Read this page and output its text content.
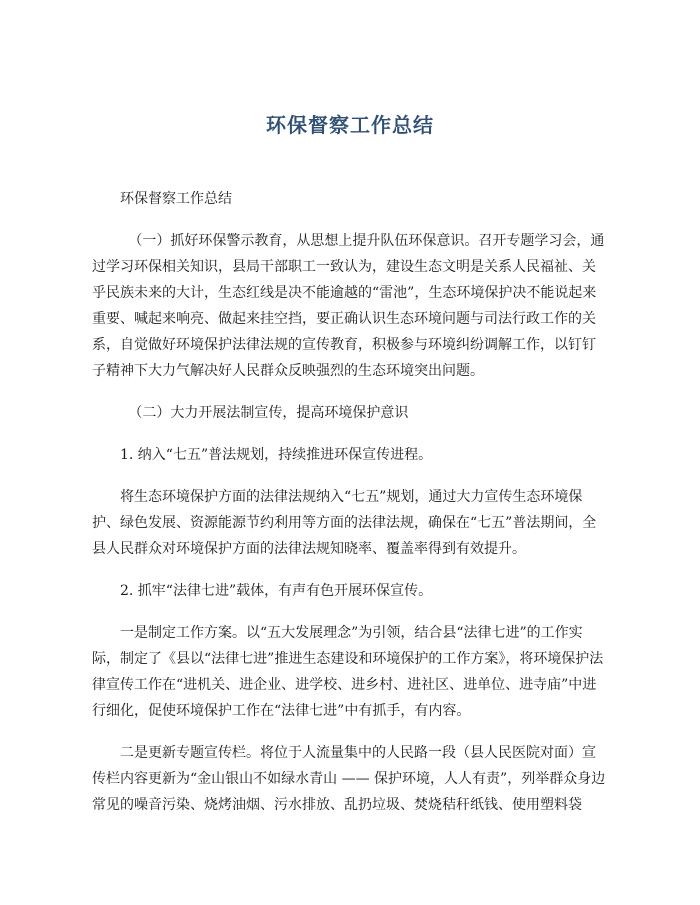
环保督察工作总结

环保督察工作总结

（一）抓好环保警示教育，从思想上提升队伍环保意识。召开专题学习会，通过学习环保相关知识，县局干部职工一致认为，建设生态文明是关系人民福祉、关乎民族未来的大计，生态红线是决不能逾越的“雷池”，生态环境保护决不能说起来重要、喊起来响亮、做起来挂空挡，要正确认识生态环境问题与司法行政工作的关系，自觉做好环境保护法律法规的宣传教育，积极参与环境纠纷调解工作，以钉钉子精神下大力气解决好人民群众反映强烈的生态环境突出问题。

（二）大力开展法制宣传，提高环境保护意识

1. 纳入“七五”普法规划，持续推进环保宣传进程。

将生态环境保护方面的法律法规纳入“七五”规划，通过大力宣传生态环境保护、绿色发展、资源能源节约利用等方面的法律法规，确保在“七五”普法期间，全县人民群众对环境保护方面的法律法规知晓率、覆盖率得到有效提升。

2. 抓牢“法律七进”载体，有声有色开展环保宣传。

一是制定工作方案。以“五大发展理念”为引领，结合县“法律七进”的工作实际，制定了《县以“法律七进”推进生态建设和环境保护的工作方案》，将环境保护法律宣传工作在“进机关、进企业、进学校、进乡村、进社区、进单位、进寺庙”中进行细化，促使环境保护工作在“法律七进”中有抓手，有内容。

二是更新专题宣传栏。将位于人流量集中的人民路一段（县人民医院对面）宣传栏内容更新为“金山银山不如绿水青山 —— 保护环境，人人有责”，列举群众身边常见的噪音污染、烧烤油烟、污水排放、乱扔垃圾、焚烧秸秆纸钱、使用塑料袋
